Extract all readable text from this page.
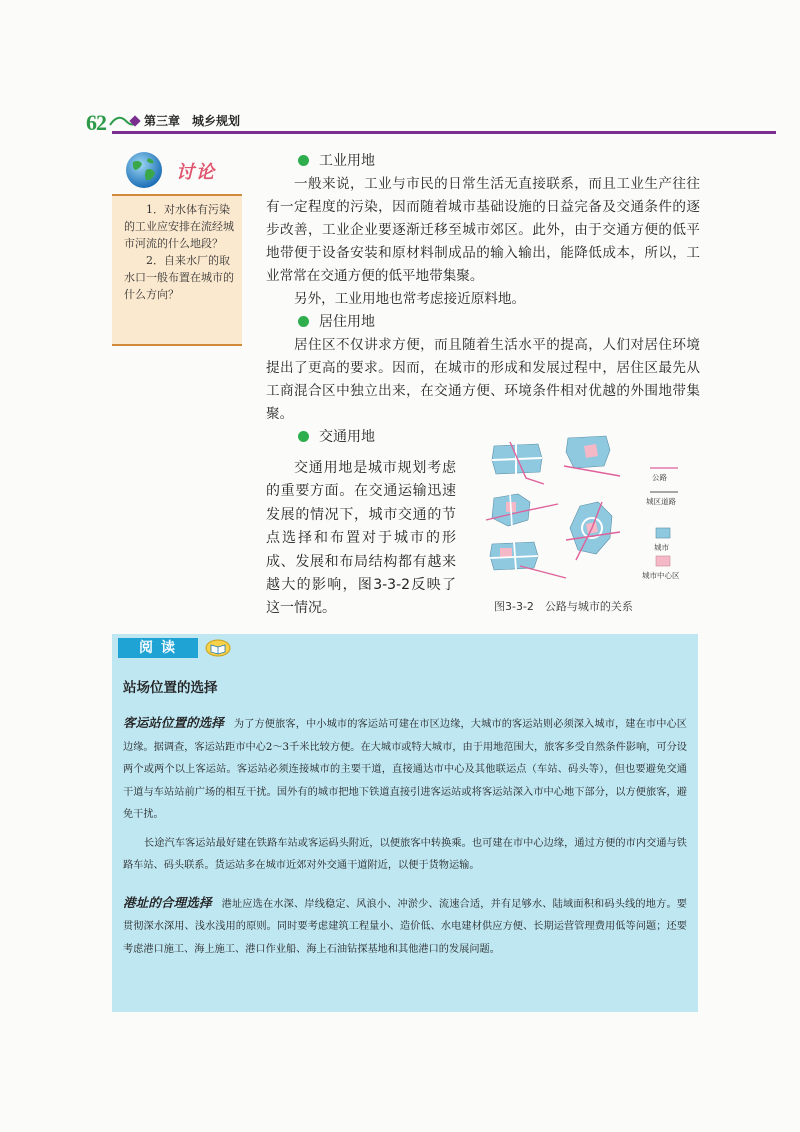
62	第三章　城乡规划
讨论

1．对水体有污染的工业应安排在流经城市河流的什么地段？

2．自来水厂的取水口一般布置在城市的什么方向？

工业用地

一般来说，工业与市民的日常生活无直接联系，而且工业生产往往有一定程度的污染，因而随着城市基础设施的日益完备及交通条件的逐步改善，工业企业要逐渐迁移至城市郊区。此外，由于交通方便的低平地带便于设备安装和原材料制成品的输入输出，能降低成本，所以，工业常常在交通方便的低平地带集聚。

另外，工业用地也常考虑接近原料地。

居住用地

居住区不仅讲求方便，而且随着生活水平的提高，人们对居住环境提出了更高的要求。因而，在城市的形成和发展过程中，居住区最先从工商混合区中独立出来，在交通方便、环境条件相对优越的外围地带集聚。

交通用地

交通用地是城市规划考虑的重要方面。在交通运输迅速发展的情况下，城市交通的节点选择和布置对于城市的形成、发展和布局结构都有越来越大的影响，图3-3-2反映了这一情况。

公路
城区道路
城市
城市中心区
图3-3-2　公路与城市的关系
阅读
站场位置的选择

客运站位置的选择 为了方便旅客，中小城市的客运站可建在市区边缘，大城市的客运站则必须深入城市，建在市中心区边缘。据调查，客运站距市中心2～3千米比较方便。在大城市或特大城市，由于用地范围大，旅客多受自然条件影响，可分设两个或两个以上客运站。客运站必须连接城市的主要干道，直接通达市中心及其他联运点（车站、码头等），但也要避免交通干道与车站站前广场的相互干扰。国外有的城市把地下铁道直接引进客运站或将客运站深入市中心地下部分，以方便旅客，避免干扰。

长途汽车客运站最好建在铁路车站或客运码头附近，以便旅客中转换乘。也可建在市中心边缘，通过方便的市内交通与铁路车站、码头联系。货运站多在城市近郊对外交通干道附近，以便于货物运输。

港址的合理选择 港址应选在水深、岸线稳定、风浪小、冲淤少、流速合适，并有足够水、陆域面积和码头线的地方。要贯彻深水深用、浅水浅用的原则。同时要考虑建筑工程量小、造价低、水电建材供应方便、长期运营管理费用低等问题；还要考虑港口施工、海上施工、港口作业船、海上石油钻探基地和其他港口的发展问题。
